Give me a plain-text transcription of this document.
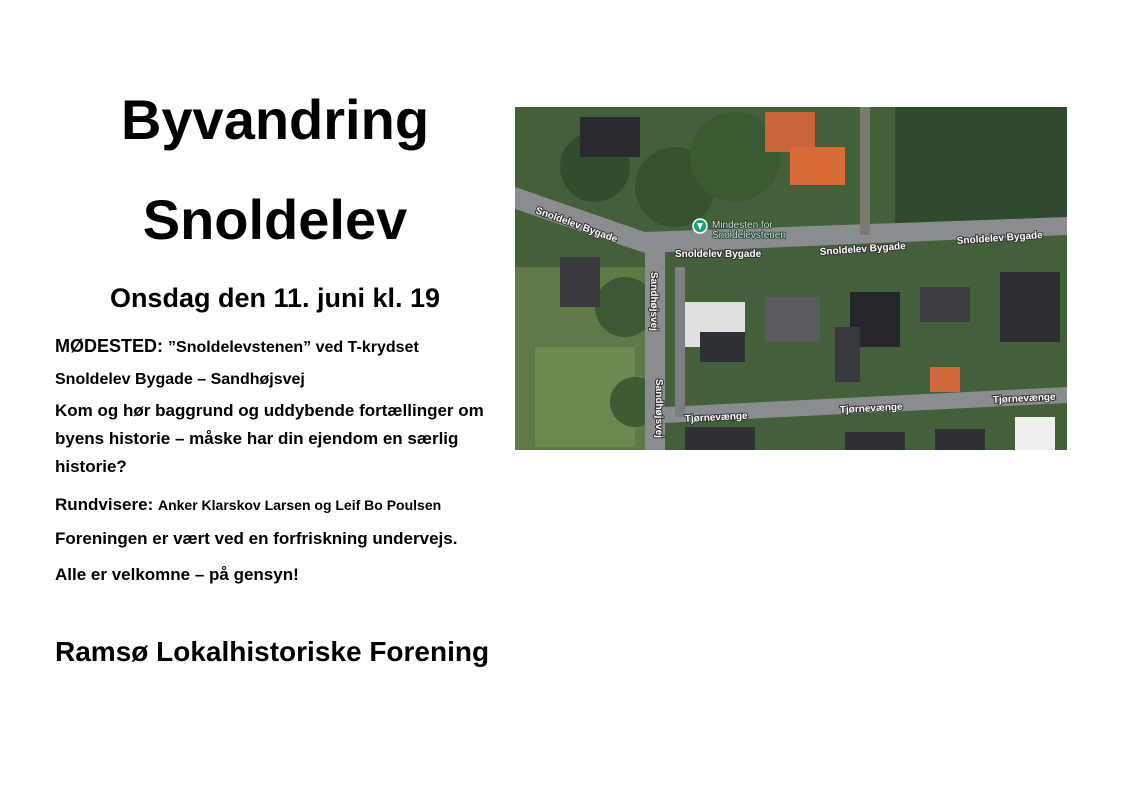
Byvandring
Snoldelev
Onsdag den 11. juni kl. 19

MØDESTED: ”Snoldelevstenen” ved T-krydset
Snoldelev Bygade – Sandhøjsvej

Kom og hør baggrund og uddybende fortællinger om byens historie – måske har din ejendom en særlig historie?

Rundvisere: Anker Klarskov Larsen og Leif Bo Poulsen

Foreningen er vært ved en forfriskning undervejs.

Alle er velkomne – på gensyn!

Ramsø Lokalhistoriske Forening

Mindesten for
Snoldelevstenen
Snoldelev Bygade
Snoldelev Bygade	Snoldelev Bygade
Snoldelev Bygade
Sandhøjsvej
Sandhøjsvej Tjørnevænge
Tjørnevænge
Tjørnevænge
